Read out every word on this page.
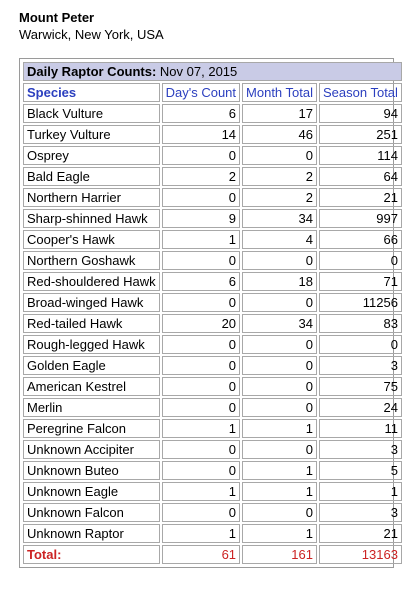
Mount Peter
Warwick, New York, USA
Daily Raptor Counts: Nov 07, 2015			
Species	Day's Count	Month Total	Season Total
Black Vulture	6	17	94
Turkey Vulture	14	46	251
Osprey	0	0	114
Bald Eagle	2	2	64
Northern Harrier	0	2	21
Sharp-shinned Hawk	9	34	997
Cooper's Hawk	1	4	66
Northern Goshawk	0	0	0
Red-shouldered Hawk	6	18	71
Broad-winged Hawk	0	0	11256
Red-tailed Hawk	20	34	83
Rough-legged Hawk	0	0	0
Golden Eagle	0	0	3
American Kestrel	0	0	75
Merlin	0	0	24
Peregrine Falcon	1	1	11
Unknown Accipiter	0	0	3
Unknown Buteo	0	1	5
Unknown Eagle	1	1	1
Unknown Falcon	0	0	3
Unknown Raptor	1	1	21
Total:	61	161	13163
